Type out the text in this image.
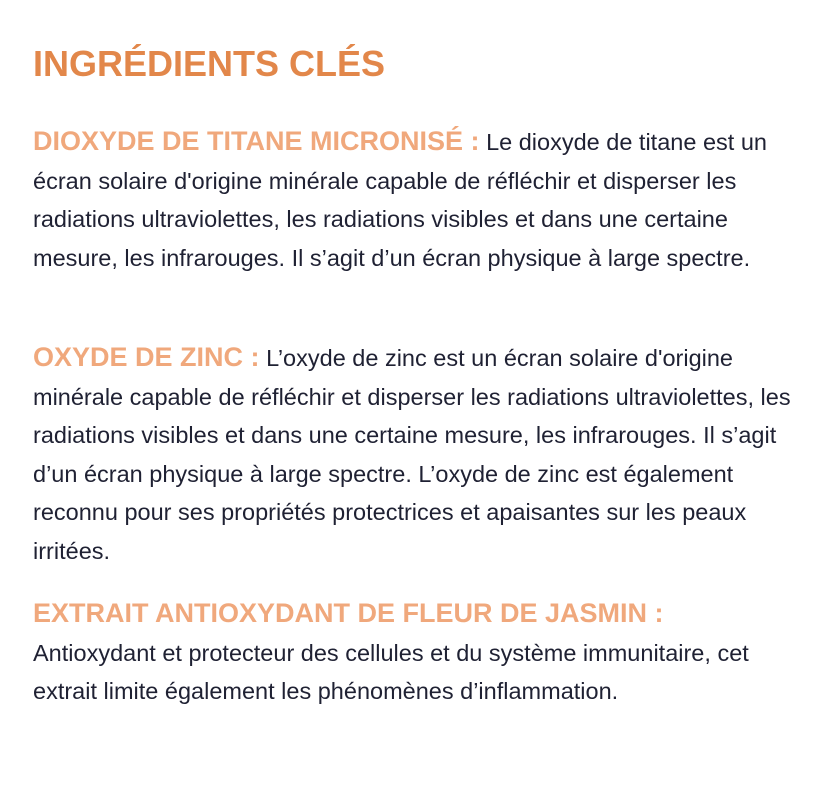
INGRÉDIENTS CLÉS

DIOXYDE DE TITANE MICRONISÉ : Le dioxyde de titane est un écran solaire d'origine minérale capable de réfléchir et disperser les radiations ultraviolettes, les radiations visibles et dans une certaine mesure, les infrarouges. Il s’agit d’un écran physique à large spectre.

OXYDE DE ZINC : L’oxyde de zinc est un écran solaire d'origine minérale capable de réfléchir et disperser les radiations ultraviolettes, les radiations visibles et dans une certaine mesure, les infrarouges. Il s’agit d’un écran physique à large spectre. L’oxyde de zinc est également reconnu pour ses propriétés protectrices et apaisantes sur les peaux irritées.

EXTRAIT ANTIOXYDANT DE FLEUR DE JASMIN :
Antioxydant et protecteur des cellules et du système immunitaire, cet extrait limite également les phénomènes d’inflammation.
